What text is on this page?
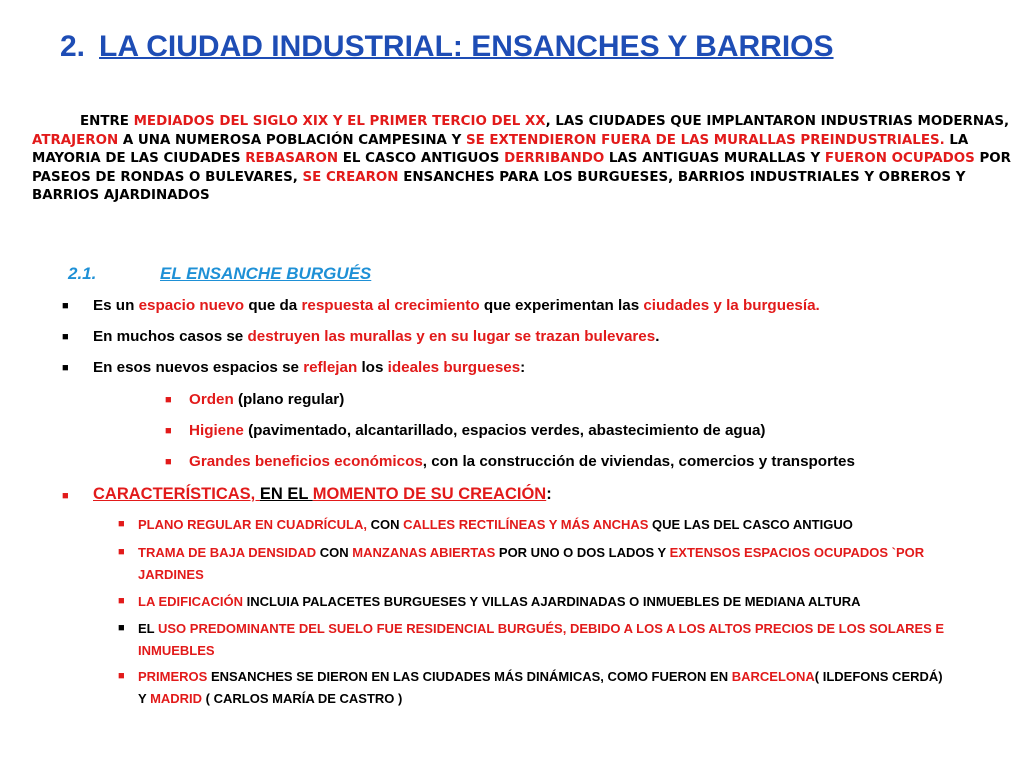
2. LA CIUDAD INDUSTRIAL: ENSANCHES Y BARRIOS
ENTRE MEDIADOS DEL SIGLO XIX Y EL PRIMER TERCIO DEL XX, LAS CIUDADES QUE IMPLANTARON INDUSTRIAS MODERNAS, ATRAJERON A UNA NUMEROSA POBLACIÓN CAMPESINA Y SE EXTENDIERON FUERA DE LAS MURALLAS PREINDUSTRIALES. LA MAYORIA DE LAS CIUDADES REBASARON EL CASCO ANTIGUOS DERRIBANDO LAS ANTIGUAS MURALLAS Y FUERON OCUPADOS POR PASEOS DE RONDAS O BULEVARES, SE CREARON ENSANCHES PARA LOS BURGUESES, BARRIOS INDUSTRIALES Y OBREROS Y BARRIOS AJARDINADOS
2.1.	EL ENSANCHE BURGUÉS
■ Es un espacio nuevo que da respuesta al crecimiento que experimentan las ciudades y la burguesía.
■ En muchos casos se destruyen las murallas y en su lugar se trazan bulevares.
■ En esos nuevos espacios se reflejan los ideales burgueses:
■ Orden (plano regular)
■ Higiene (pavimentado, alcantarillado, espacios verdes, abastecimiento de agua)
■ Grandes beneficios económicos, con la construcción de viviendas, comercios y transportes
■ CARACTERÍSTICAS, EN EL MOMENTO DE SU CREACIÓN:
■ PLANO REGULAR EN CUADRÍCULA, CON CALLES RECTILÍNEAS Y MÁS ANCHAS QUE LAS DEL CASCO ANTIGUO
■ TRAMA DE BAJA DENSIDAD CON MANZANAS ABIERTAS POR UNO O DOS LADOS Y EXTENSOS ESPACIOS OCUPADOS `POR
JARDINES
■ LA EDIFICACIÓN INCLUIA PALACETES BURGUESES Y VILLAS AJARDINADAS O INMUEBLES DE MEDIANA ALTURA
■ EL USO PREDOMINANTE DEL SUELO FUE RESIDENCIAL BURGUÉS, DEBIDO A LOS A LOS ALTOS PRECIOS DE LOS SOLARES E
INMUEBLES
■ PRIMEROS ENSANCHES SE DIERON EN LAS CIUDADES MÁS DINÁMICAS, COMO FUERON EN BARCELONA( ILDEFONS CERDÁ)
Y MADRID ( CARLOS MARÍA DE CASTRO )
